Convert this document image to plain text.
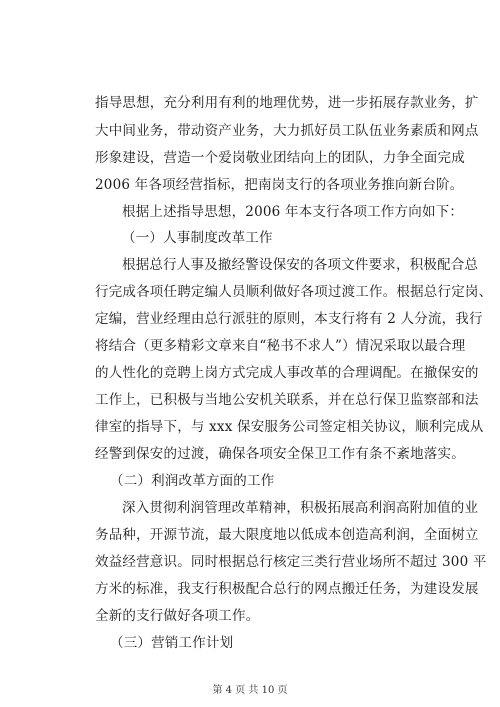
指导思想，充分利用有利的地理优势，进一步拓展存款业务，扩
大中间业务，带动资产业务，大力抓好员工队伍业务素质和网点
形象建设，营造一个爱岗敬业团结向上的团队，力争全面完成
2006 年各项经营指标，把南岗支行的各项业务推向新台阶。
根据上述指导思想，2006 年本支行各项工作方向如下：
（一）人事制度改革工作
根据总行人事及撤经警设保安的各项文件要求，积极配合总
行完成各项任聘定编人员顺利做好各项过渡工作。根据总行定岗、
定编，营业经理由总行派驻的原则，本支行将有 2 人分流，我行
将结合（更多精彩文章来自“秘书不求人”）情况采取以最合理
的人性化的竞聘上岗方式完成人事改革的合理调配。在撤保安的
工作上，已积极与当地公安机关联系，并在总行保卫监察部和法
律室的指导下，与 xxx 保安服务公司签定相关协议，顺利完成从
经警到保安的过渡，确保各项安全保卫工作有条不紊地落实。
（二）利润改革方面的工作
深入贯彻利润管理改革精神，积极拓展高利润高附加值的业
务品种，开源节流，最大限度地以低成本创造高利润，全面树立
效益经营意识。同时根据总行核定三类行营业场所不超过 300 平
方米的标准，我支行积极配合总行的网点搬迁任务，为建设发展
全新的支行做好各项工作。
（三）营销工作计划
第 4 页 共 10 页
